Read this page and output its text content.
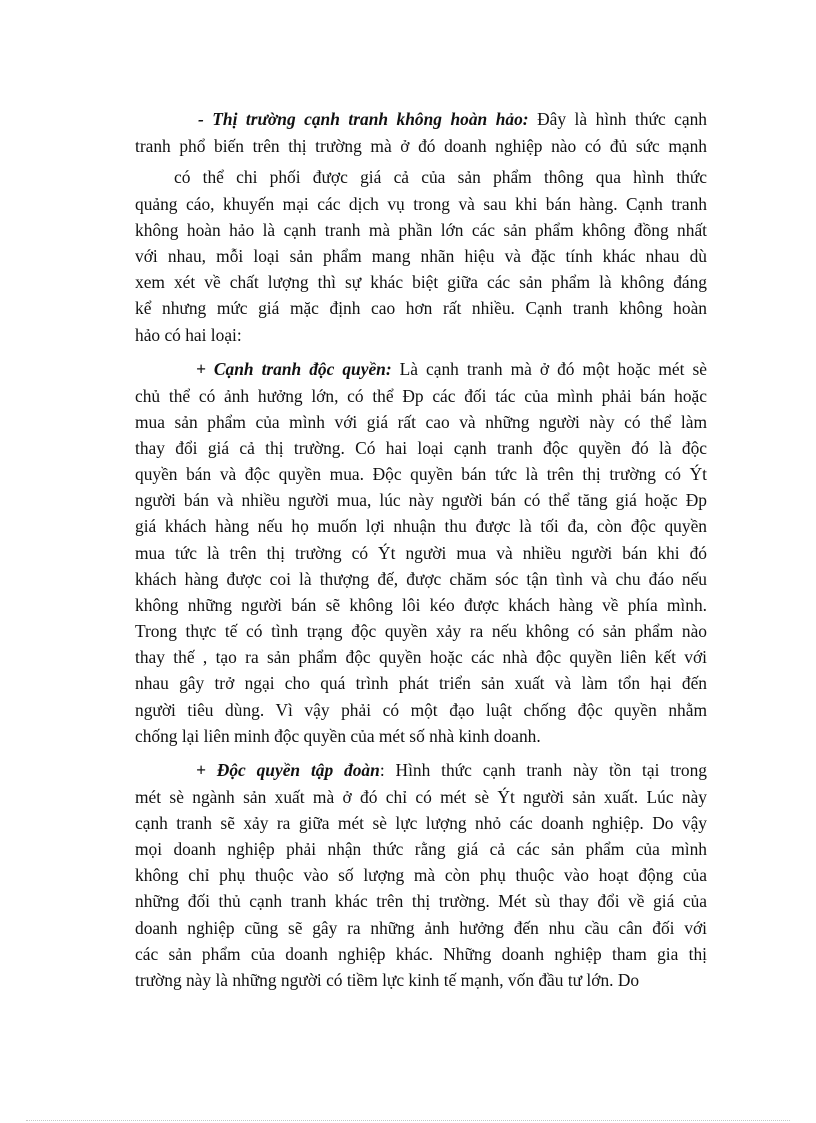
- Thị trường cạnh tranh không hoàn hảo: Đây là hình thức cạnh
tranh phổ biến trên thị trường mà ở đó doanh nghiệp nào có đủ sức mạnh
có thể chi phối được giá cả của sản phẩm thông qua hình thức
quảng cáo, khuyến mại các dịch vụ trong và sau khi bán hàng. Cạnh tranh
không hoàn hảo là cạnh tranh mà phần lớn các sản phẩm không đồng nhất
với nhau, mỗi loại sản phẩm mang nhãn hiệu và đặc tính khác nhau dù
xem xét về chất lượng thì sự khác biệt giữa các sản phẩm là không đáng
kể nhưng mức giá mặc định cao hơn rất nhiều. Cạnh tranh không hoàn
hảo có hai loại:
+ Cạnh tranh độc quyền: Là cạnh tranh mà ở đó một hoặc mét sè
chủ thể có ảnh hưởng lớn, có thể Ðp các đối tác của mình phải bán hoặc
mua sản phẩm của mình với giá rất cao và những người này có thể làm
thay đổi giá cả thị trường. Có hai loại cạnh tranh độc quyền đó là độc
quyền bán và độc quyền mua. Độc quyền bán tức là trên thị trường có Ýt
người bán và nhiều người mua, lúc này người bán có thể tăng giá hoặc Ðp
giá khách hàng nếu họ muốn lợi nhuận thu được là tối đa, còn độc quyền
mua tức là trên thị trường có Ýt người mua và nhiều người bán khi đó
khách hàng được coi là thượng đế, được chăm sóc tận tình và chu đáo nếu
không những người bán sẽ không lôi kéo được khách hàng về phía mình.
Trong thực tế có tình trạng độc quyền xảy ra nếu không có sản phẩm nào
thay thế , tạo ra sản phẩm độc quyền hoặc các nhà độc quyền liên kết với
nhau gây trở ngại cho quá trình phát triển sản xuất và làm tổn hại đến
người tiêu dùng. Vì vậy phải có một đạo luật chống độc quyền nhằm
chống lại liên minh độc quyền của mét số nhà kinh doanh.
+ Độc quyền tập đoàn: Hình thức cạnh tranh này tồn tại trong
mét sè ngành sản xuất mà ở đó chỉ có mét sè Ýt người sản xuất. Lúc này
cạnh tranh sẽ xảy ra giữa mét sè lực lượng nhỏ các doanh nghiệp. Do vậy
mọi doanh nghiệp phải nhận thức rằng giá cả các sản phẩm của mình
không chỉ phụ thuộc vào số lượng mà còn phụ thuộc vào hoạt động của
những đối thủ cạnh tranh khác trên thị trường. Mét sù thay đổi về giá của
doanh nghiệp cũng sẽ gây ra những ảnh hưởng đến nhu cầu cân đối với
các sản phẩm của doanh nghiệp khác. Những doanh nghiệp tham gia thị
trường này là những người có tiềm lực kinh tế mạnh, vốn đầu tư lớn. Do
